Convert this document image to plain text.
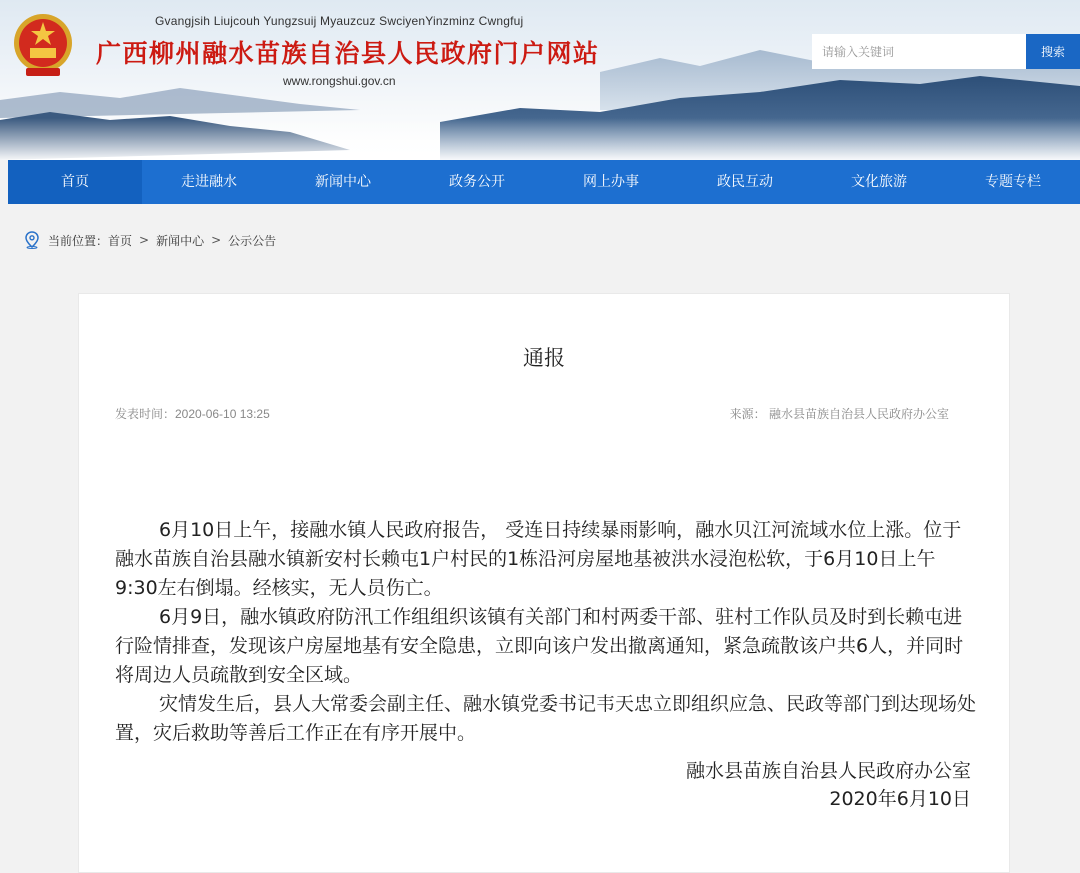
Gvangjsih Liujcouh Yungzsuij Myauzcuz SwciyenYinzminz Cwngfuj
广西柳州融水苗族自治县人民政府门户网站
www.rongshui.gov.cn
请输入关键词
搜索
首页	走进融水	新闻中心	政务公开	网上办事	政民互动	文化旅游	专题专栏
当前位置： 首页 > 新闻中心 > 公示公告
通报
发表时间：2020-06-10 13:25	来源： 融水县苗族自治县人民政府办公室

6月10日上午，接融水镇人民政府报告， 受连日持续暴雨影响，融水贝江河流域水位上涨。位于融水苗族自治县融水镇新安村长赖屯1户村民的1栋沿河房屋地基被洪水浸泡松软，于6月10日上午9:30左右倒塌。经核实，无人员伤亡。

6月9日，融水镇政府防汛工作组组织该镇有关部门和村两委干部、驻村工作队员及时到长赖屯进行险情排查，发现该户房屋地基有安全隐患，立即向该户发出撤离通知，紧急疏散该户共6人，并同时将周边人员疏散到安全区域。

灾情发生后，县人大常委会副主任、融水镇党委书记韦天忠立即组织应急、民政等部门到达现场处置，灾后救助等善后工作正在有序开展中。

融水县苗族自治县人民政府办公室
2020年6月10日
